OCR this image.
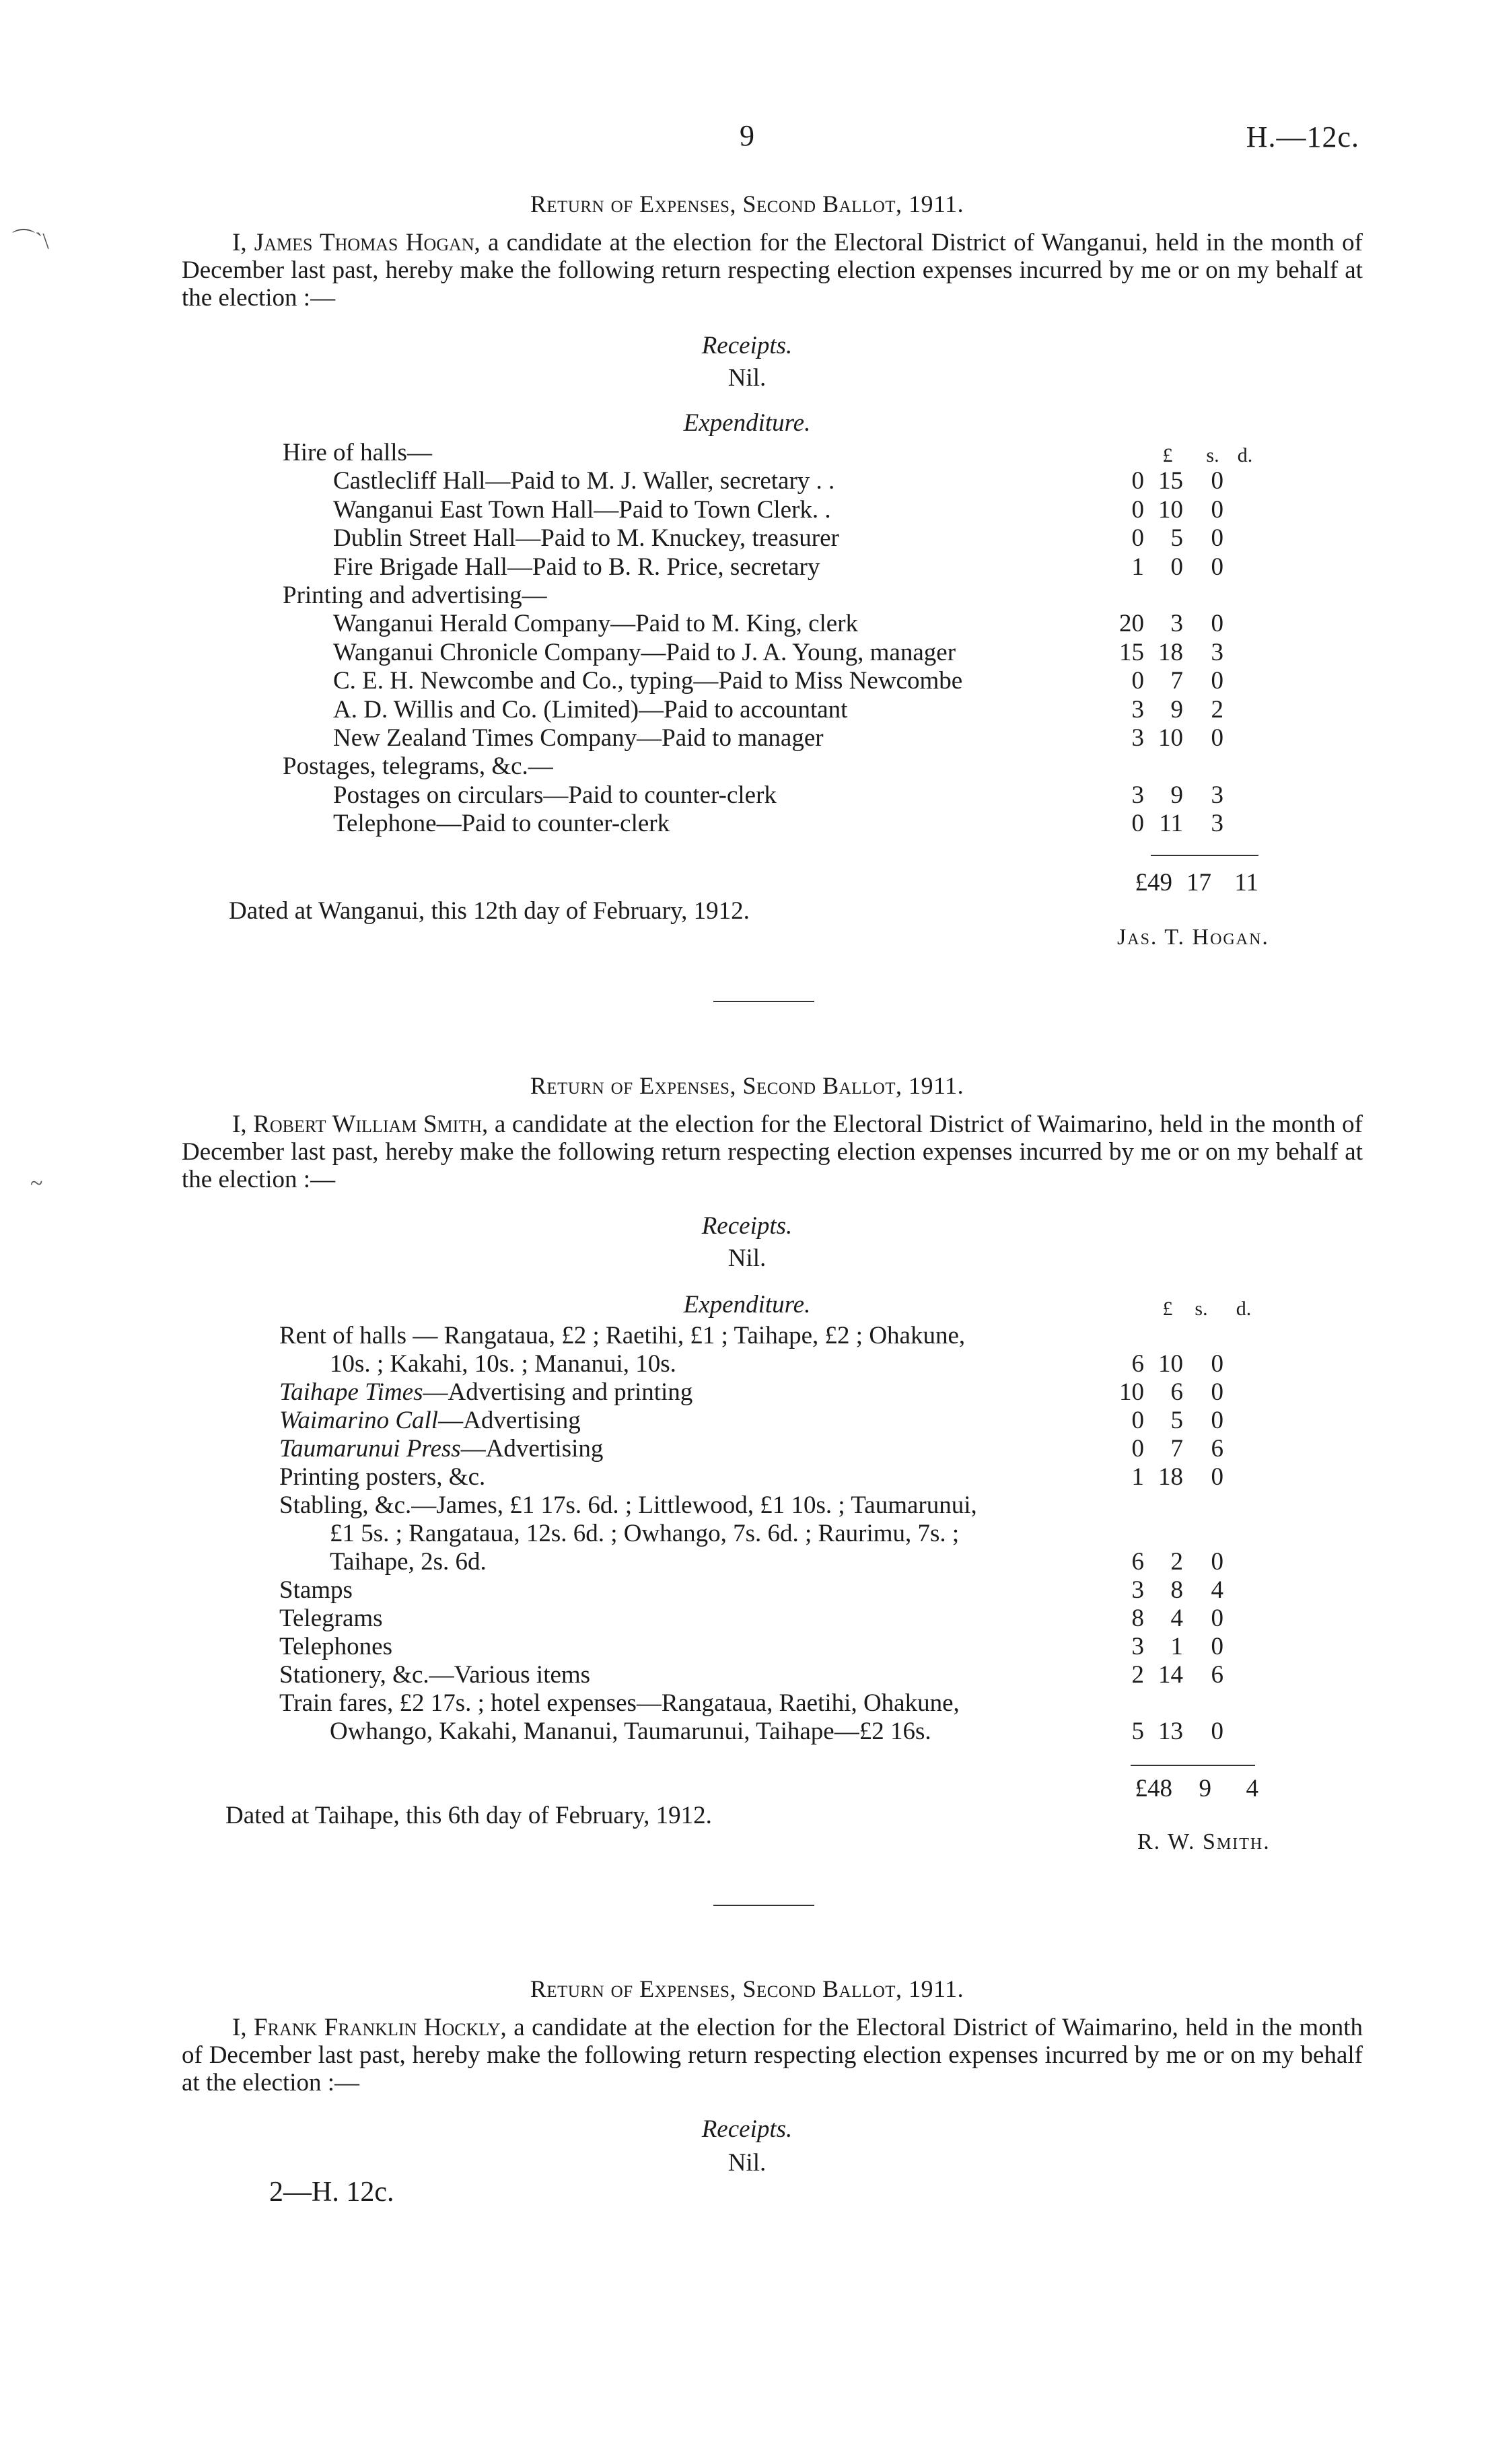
9	H.—12c.
⌒`\
~
Return of Expenses, Second Ballot, 1911.

I, James Thomas Hogan, a candidate at the election for the Electoral District of Wanganui, held in the month of December last past, hereby make the following return respecting election expenses incurred by me or on my behalf at the election :—

Receipts.
Nil.
Expenditure.
£	s. d.
Hire of halls—
Castlecliff Hall—Paid to M. J. Waller, secretary . .	0 15	0
Wanganui East Town Hall—Paid to Town Clerk. .	0 10	0
Dublin Street Hall—Paid to M. Knuckey, treasurer	0	5	0
Fire Brigade Hall—Paid to B. R. Price, secretary	1	0	0
Printing and advertising—
Wanganui Herald Company—Paid to M. King, clerk	20	3	0
Wanganui Chronicle Company—Paid to J. A. Young, manager	15 18	3
C. E. H. Newcombe and Co., typing—Paid to Miss Newcombe	0	7	0
A. D. Willis and Co. (Limited)—Paid to accountant	3	9	2
New Zealand Times Company—Paid to manager	3 10	0
Postages, telegrams, &c.—
Postages on circulars—Paid to counter-clerk	3	9	3
Telephone—Paid to counter-clerk	0 11	3
£49 17 11
Dated at Wanganui, this 12th day of February, 1912.
Jas. T. Hogan.
Return of Expenses, Second Ballot, 1911.

I, Robert William Smith, a candidate at the election for the Electoral District of Waimarino, held in the month of December last past, hereby make the following return respecting election expenses incurred by me or on my behalf at the election :—

Receipts.
Nil.
Expenditure.	£	s.	d.
Rent of halls — Rangataua, £2 ; Raetihi, £1 ; Taihape, £2 ; Ohakune,
10s. ; Kakahi, 10s. ; Mananui, 10s.	6 10	0
Taihape Times—Advertising and printing	10	6	0
Waimarino Call—Advertising	0	5	0
Taumarunui Press—Advertising	0	7	6
Printing posters, &c.	1 18	0
Stabling, &c.—James, £1 17s. 6d. ; Littlewood, £1 10s. ; Taumarunui,
£1 5s. ; Rangataua, 12s. 6d. ; Owhango, 7s. 6d. ; Raurimu, 7s. ;
Taihape, 2s. 6d.	6	2	0
Stamps	3	8	4
Telegrams	8	4	0
Telephones	3	1	0
Stationery, &c.—Various items	2 14	6
Train fares, £2 17s. ; hotel expenses—Rangataua, Raetihi, Ohakune,
Owhango, Kakahi, Mananui, Taumarunui, Taihape—£2 16s.	5 13	0
£48	9	4
Dated at Taihape, this 6th day of February, 1912.
R. W. Smith.
Return of Expenses, Second Ballot, 1911.

I, Frank Franklin Hockly, a candidate at the election for the Electoral District of Waimarino, held in the month of December last past, hereby make the following return respecting election expenses incurred by me or on my behalf at the election :—

Receipts.
Nil.
2—H. 12c.
